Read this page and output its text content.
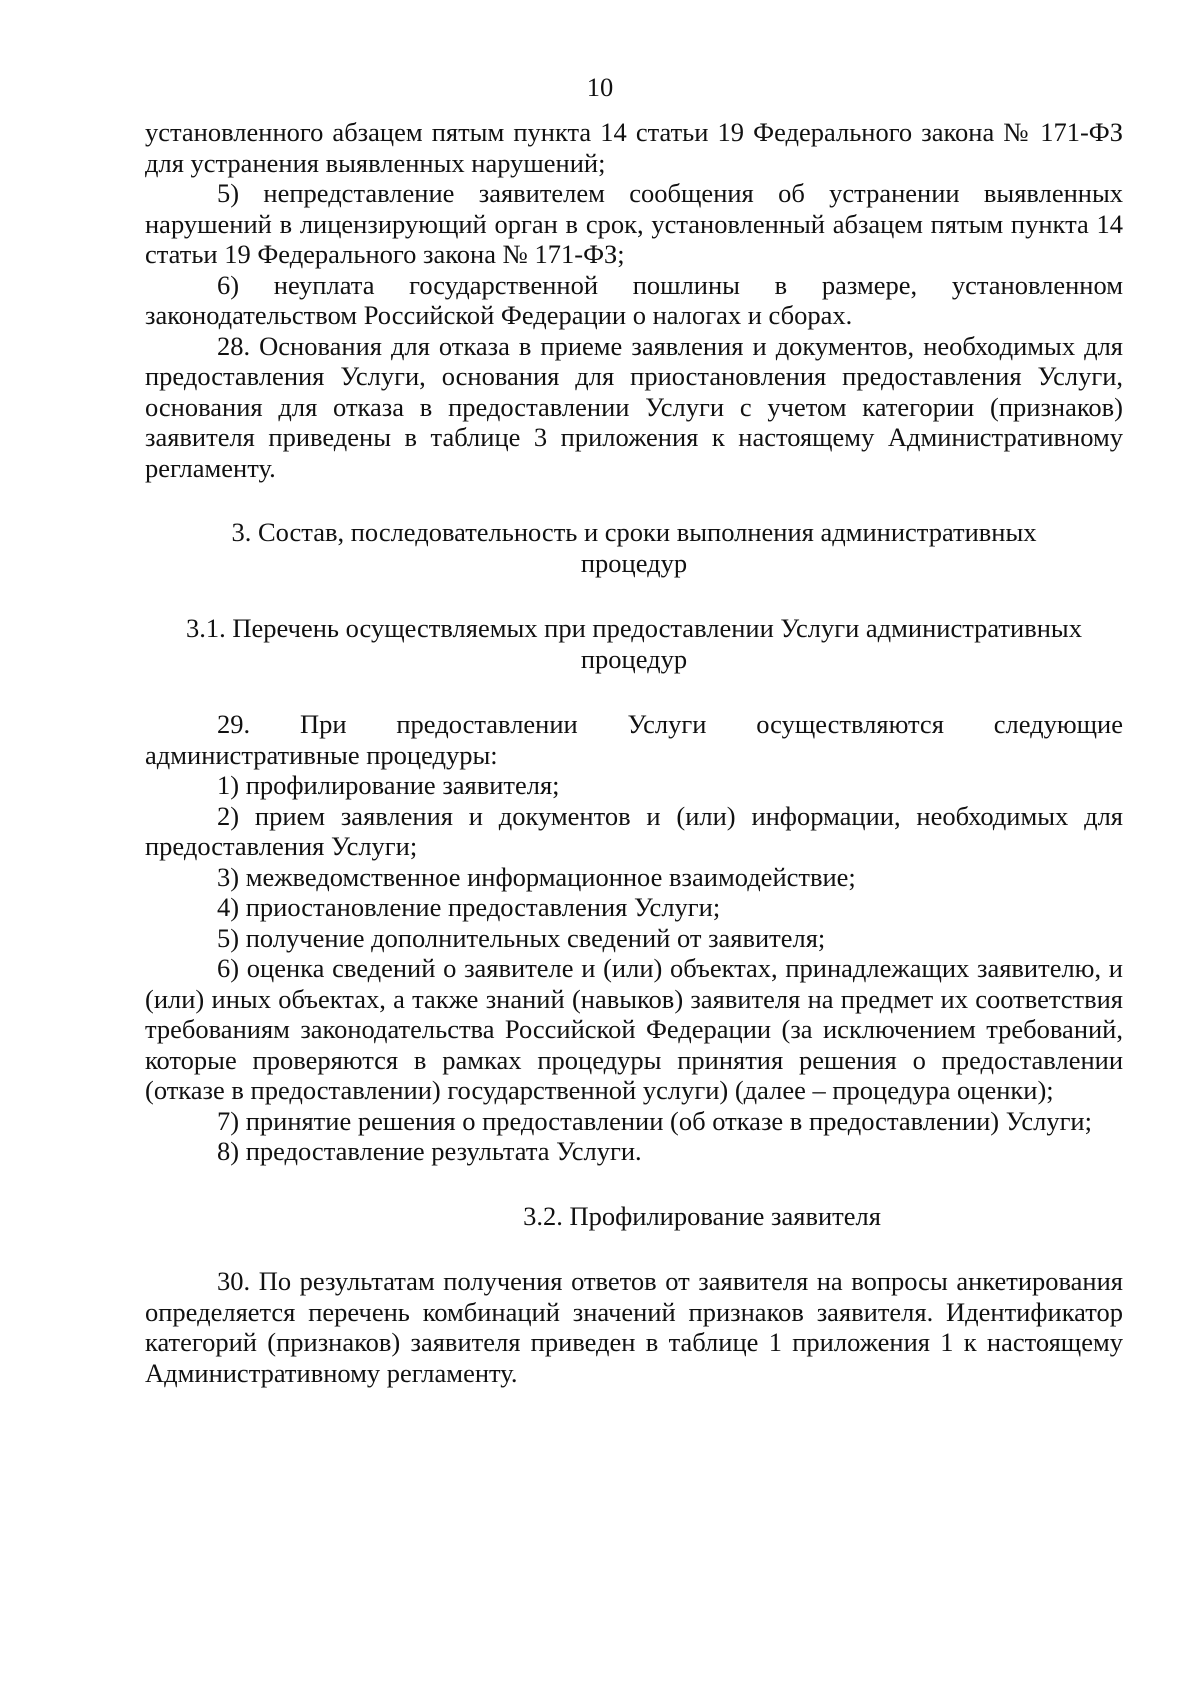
10

установленного абзацем пятым пункта 14 статьи 19 Федерального закона № 171-ФЗ для устранения выявленных нарушений;

5) непредставление заявителем сообщения об устранении выявленных нарушений в лицензирующий орган в срок, установленный абзацем пятым пункта 14 статьи 19 Федерального закона № 171-ФЗ;

6) неуплата государственной пошлины в размере, установленном законодательством Российской Федерации о налогах и сборах.

28. Основания для отказа в приеме заявления и документов, необходимых для предоставления Услуги, основания для приостановления предоставления Услуги, основания для отказа в предоставлении Услуги с учетом категории (признаков) заявителя приведены в таблице 3 приложения к настоящему Административному регламенту.

3. Состав, последовательность и сроки выполнения административных процедур
3.1. Перечень осуществляемых при предоставлении Услуги административных процедур

29. При предоставлении Услуги осуществляются следующие административные процедуры:

1) профилирование заявителя;

2) прием заявления и документов и (или) информации, необходимых для предоставления Услуги;

3) межведомственное информационное взаимодействие;

4) приостановление предоставления Услуги;

5) получение дополнительных сведений от заявителя;

6) оценка сведений о заявителе и (или) объектах, принадлежащих заявителю, и (или) иных объектах, а также знаний (навыков) заявителя на предмет их соответствия требованиям законодательства Российской Федерации (за исключением требований, которые проверяются в рамках процедуры принятия решения о предоставлении (отказе в предоставлении) государственной услуги) (далее – процедура оценки);

7) принятие решения о предоставлении (об отказе в предоставлении) Услуги;

8) предоставление результата Услуги.

3.2. Профилирование заявителя

30. По результатам получения ответов от заявителя на вопросы анкетирования определяется перечень комбинаций значений признаков заявителя. Идентификатор категорий (признаков) заявителя приведен в таблице 1 приложения 1 к настоящему Административному регламенту.
